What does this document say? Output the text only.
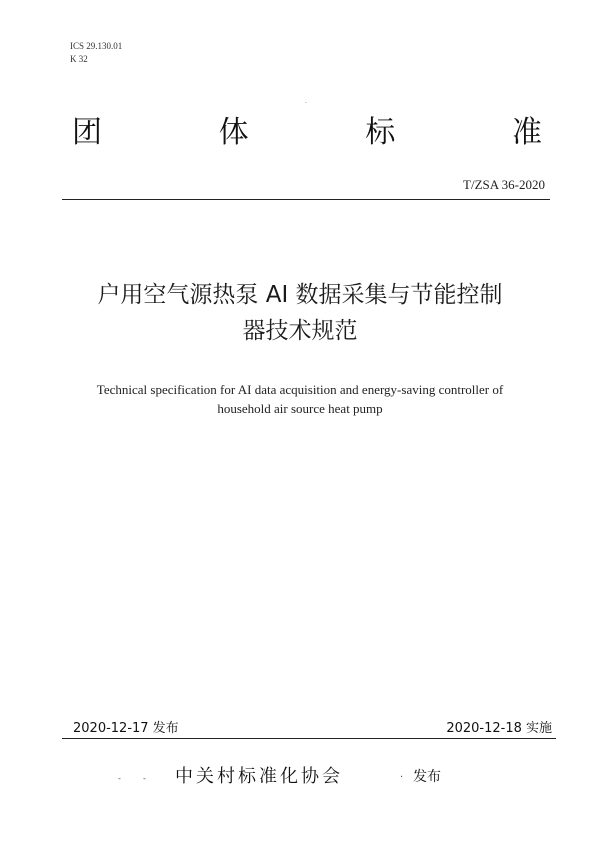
ICS 29.130.01
K 32
.
团	体	标	准
T/ZSA 36-2020
户用空气源热泵 AI 数据采集与节能控制
器技术规范
Technical specification for AI data acquisition and energy-saving controller of
household air source heat pump
2020-12-17 发布	2020-12-18 实施
-	- 中关村标准化协会	· 发布
